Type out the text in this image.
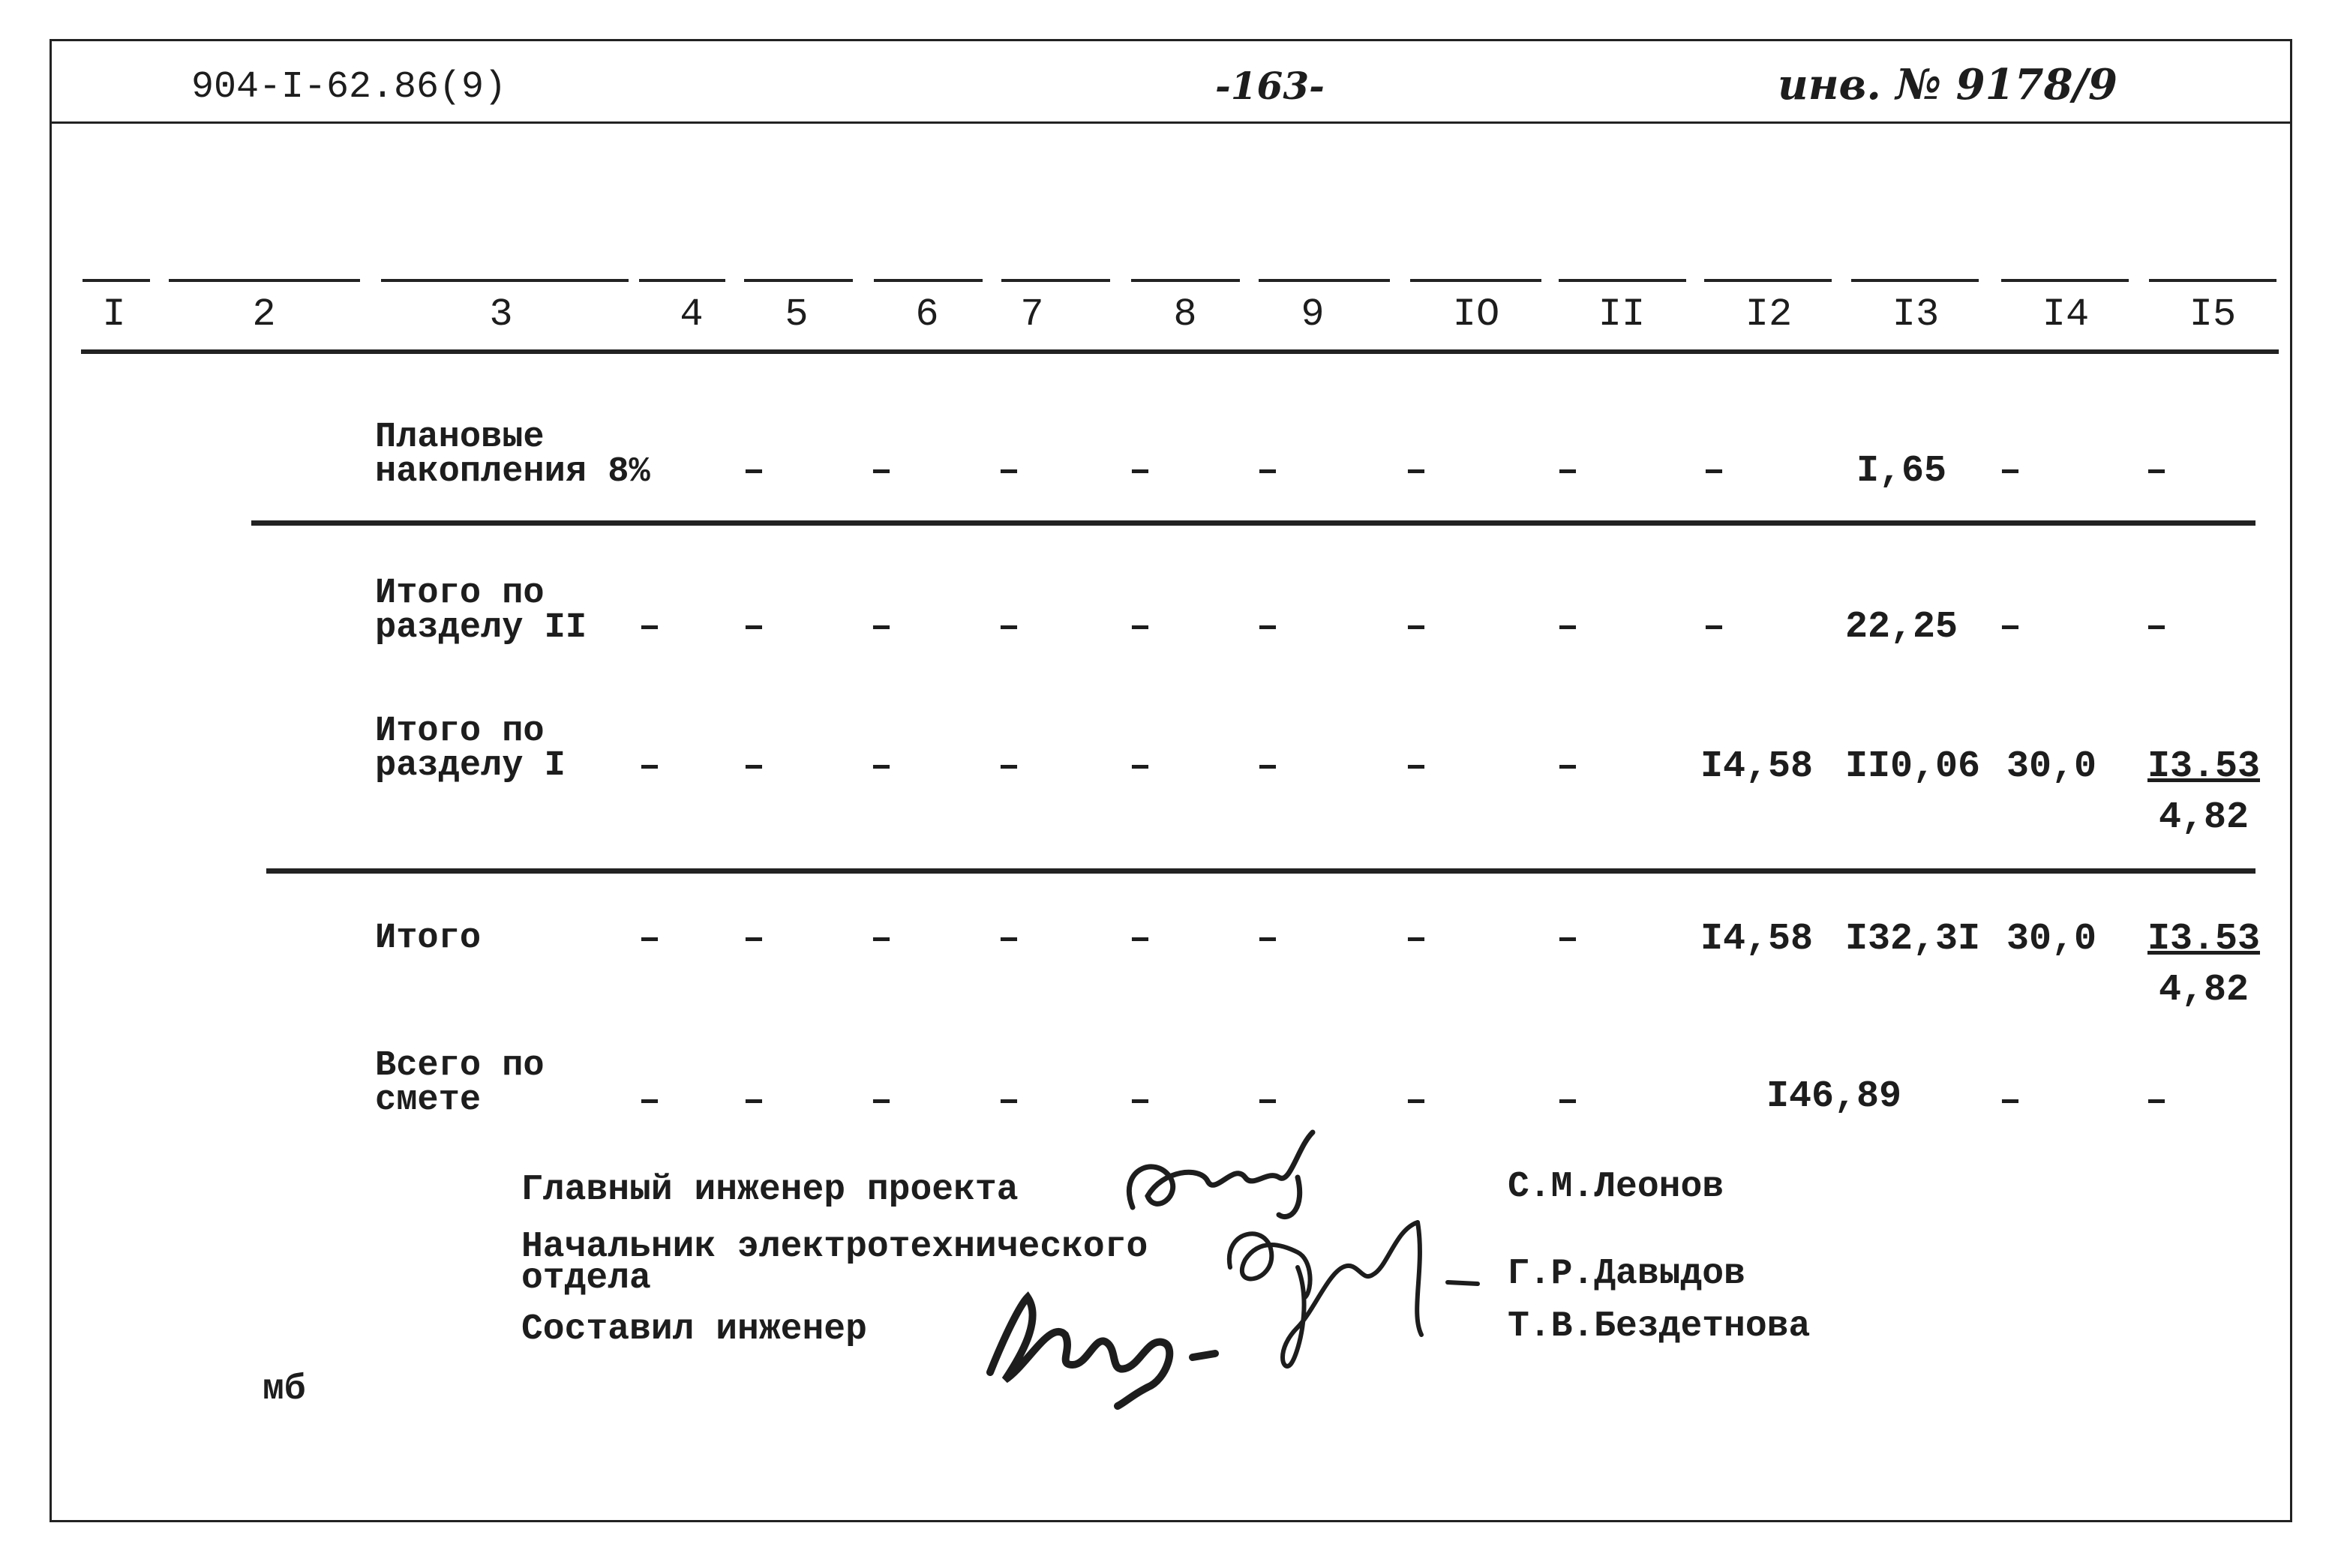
904-I-62.86(9)	-163-	инв. № 9178/9
I	2	3	4	5	6	7	8	9	IO	II	I2	I3	I4	I5
Плановые
накопления 8% –	–	–	–	–	–	–	–	I,65	–	–
Итого по
разделу II –	–	–	–	–	–	–	–	–	22,25 –	–
Итого по
разделу I –	–	–	–	–	–	–	–	I4,58 II0,06 30,0	I3.53
4,82
Итого	–	–	–	–	–	–	–	–	I4,58 I32,3I 30,0	I3.53
4,82
Всего по
смете	–	–	–	–	–	–	–	–	I46,89	–	–
Главный инженер проекта	С.М.Леонов
Начальник электротехнического
отдела	Г.Р.Давыдов
Составил инженер	Т.В.Бездетнова
мб
